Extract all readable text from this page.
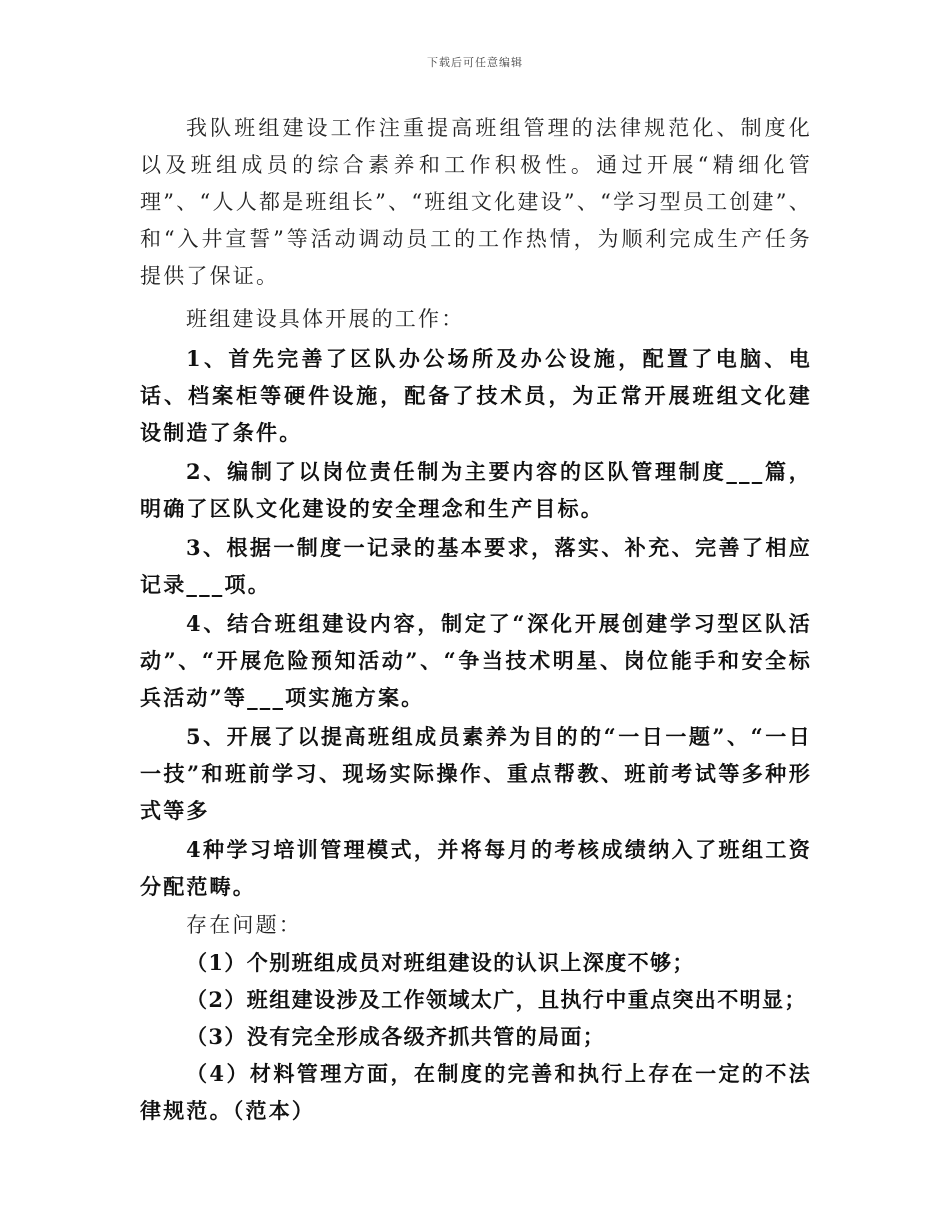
下载后可任意编辑

我队班组建设工作注重提高班组管理的法律规范化、制度化以及班组成员的综合素养和工作积极性。通过开展“精细化管理”、“人人都是班组长”、“班组文化建设”、“学习型员工创建”、和“入井宣誓”等活动调动员工的工作热情，为顺利完成生产任务提供了保证。

班组建设具体开展的工作：

1、首先完善了区队办公场所及办公设施，配置了电脑、电话、档案柜等硬件设施，配备了技术员，为正常开展班组文化建设制造了条件。

2、编制了以岗位责任制为主要内容的区队管理制度___篇，明确了区队文化建设的安全理念和生产目标。

3、根据一制度一记录的基本要求，落实、补充、完善了相应记录___项。

4、结合班组建设内容，制定了“深化开展创建学习型区队活动”、“开展危险预知活动”、“争当技术明星、岗位能手和安全标兵活动”等___项实施方案。

5、开展了以提高班组成员素养为目的的“一日一题”、“一日一技”和班前学习、现场实际操作、重点帮教、班前考试等多种形式等多

4种学习培训管理模式，并将每月的考核成绩纳入了班组工资分配范畴。

存在问题：

（1）个别班组成员对班组建设的认识上深度不够；

（2）班组建设涉及工作领域太广，且执行中重点突出不明显；

（3）没有完全形成各级齐抓共管的局面；

（4）材料管理方面，在制度的完善和执行上存在一定的不法律规范。（范本）
